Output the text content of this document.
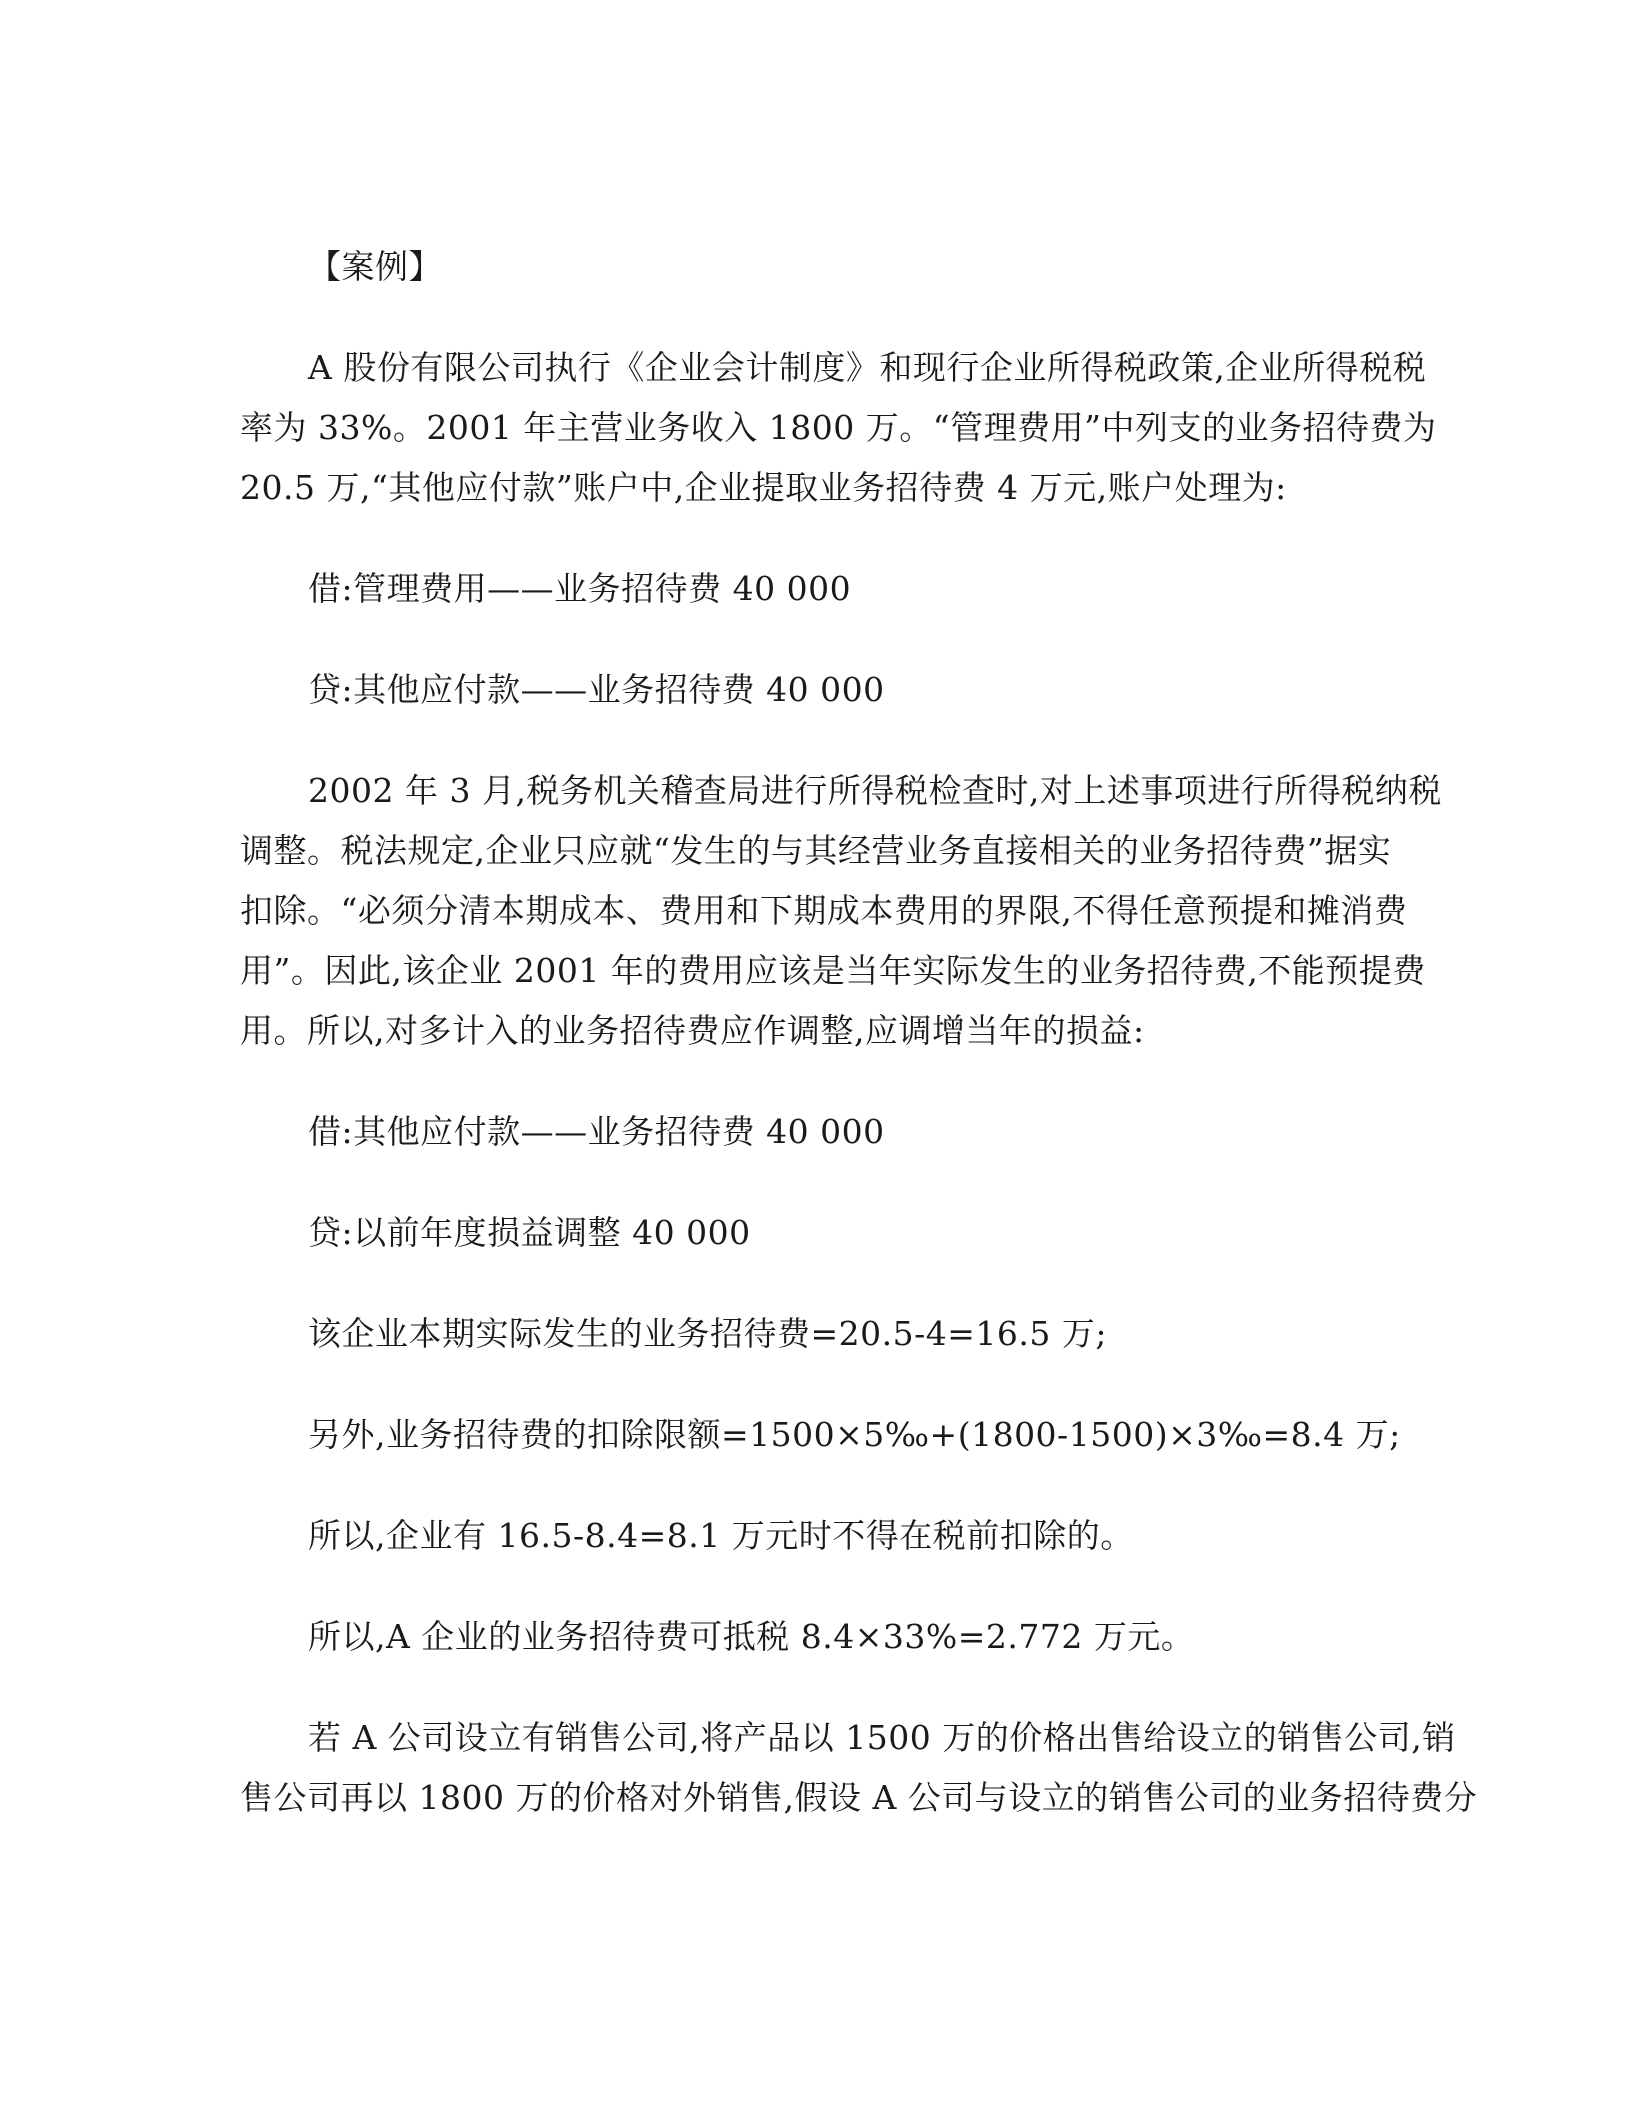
【案例】
A 股份有限公司执行《企业会计制度》和现行企业所得税政策,企业所得税税
率为 33%。2001 年主营业务收入 1800 万。“管理费用”中列支的业务招待费为
20.5 万,“其他应付款”账户中,企业提取业务招待费 4 万元,账户处理为:
借:管理费用——业务招待费 40 000
贷:其他应付款——业务招待费 40 000
2002 年 3 月,税务机关稽查局进行所得税检查时,对上述事项进行所得税纳税
调整。税法规定,企业只应就“发生的与其经营业务直接相关的业务招待费”据实
扣除。“必须分清本期成本、费用和下期成本费用的界限,不得任意预提和摊消费
用”。因此,该企业 2001 年的费用应该是当年实际发生的业务招待费,不能预提费
用。所以,对多计入的业务招待费应作调整,应调增当年的损益:
借:其他应付款——业务招待费 40 000
贷:以前年度损益调整 40 000
该企业本期实际发生的业务招待费=20.5-4=16.5 万;
另外,业务招待费的扣除限额=1500×5‰+(1800-1500)×3‰=8.4 万;
所以,企业有 16.5-8.4=8.1 万元时不得在税前扣除的。
所以,A 企业的业务招待费可抵税 8.4×33%=2.772 万元。
若 A 公司设立有销售公司,将产品以 1500 万的价格出售给设立的销售公司,销
售公司再以 1800 万的价格对外销售,假设 A 公司与设立的销售公司的业务招待费分
